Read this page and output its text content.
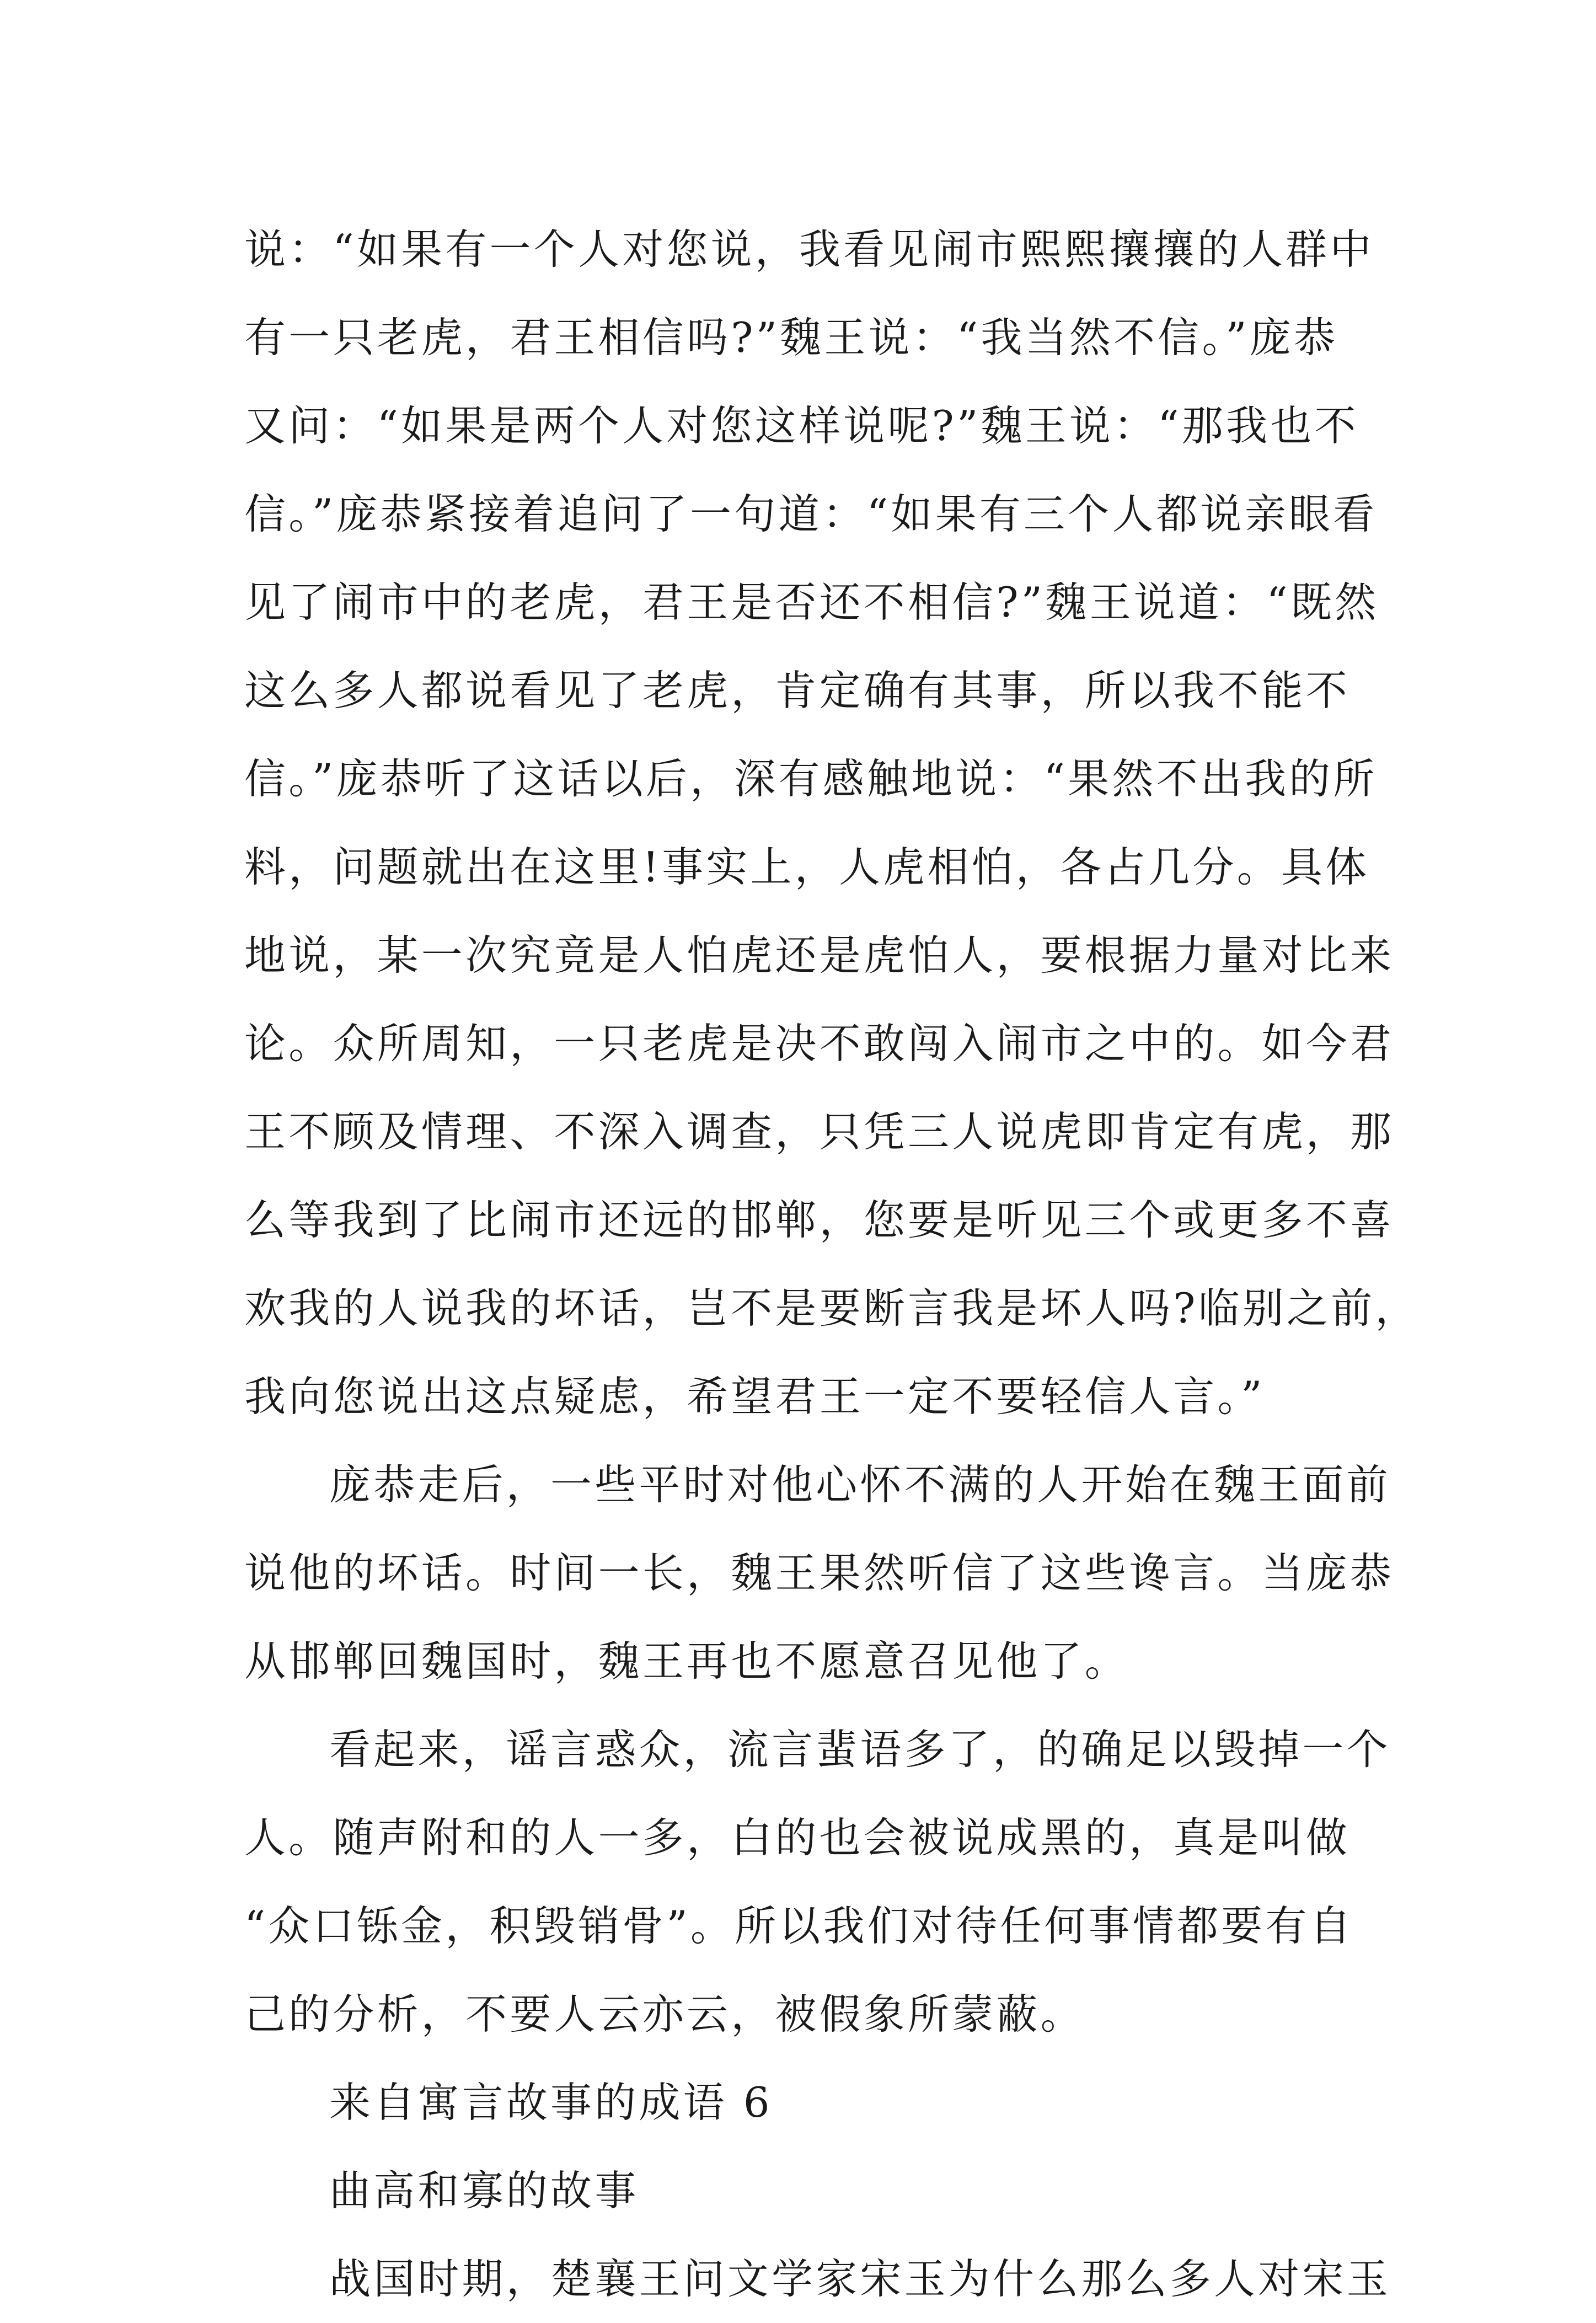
说：“如果有一个人对您说，我看见闹市熙熙攘攘的人群中
有一只老虎，君王相信吗?”魏王说：“我当然不信。”庞恭
又问：“如果是两个人对您这样说呢?”魏王说：“那我也不
信。”庞恭紧接着追问了一句道：“如果有三个人都说亲眼看
见了闹市中的老虎，君王是否还不相信?”魏王说道：“既然
这么多人都说看见了老虎，肯定确有其事，所以我不能不
信。”庞恭听了这话以后，深有感触地说：“果然不出我的所
料，问题就出在这里!事实上，人虎相怕，各占几分。具体
地说，某一次究竟是人怕虎还是虎怕人，要根据力量对比来
论。众所周知，一只老虎是决不敢闯入闹市之中的。如今君
王不顾及情理、不深入调查，只凭三人说虎即肯定有虎，那
么等我到了比闹市还远的邯郸，您要是听见三个或更多不喜
欢我的人说我的坏话，岂不是要断言我是坏人吗?临别之前，
我向您说出这点疑虑，希望君王一定不要轻信人言。”
庞恭走后，一些平时对他心怀不满的人开始在魏王面前
说他的坏话。时间一长，魏王果然听信了这些谗言。当庞恭
从邯郸回魏国时，魏王再也不愿意召见他了。
看起来，谣言惑众，流言蜚语多了，的确足以毁掉一个
人。随声附和的人一多，白的也会被说成黑的，真是叫做
“众口铄金，积毁销骨”。所以我们对待任何事情都要有自
己的分析，不要人云亦云，被假象所蒙蔽。
来自寓言故事的成语 6
曲高和寡的故事
战国时期，楚襄王问文学家宋玉为什么那么多人对宋玉
